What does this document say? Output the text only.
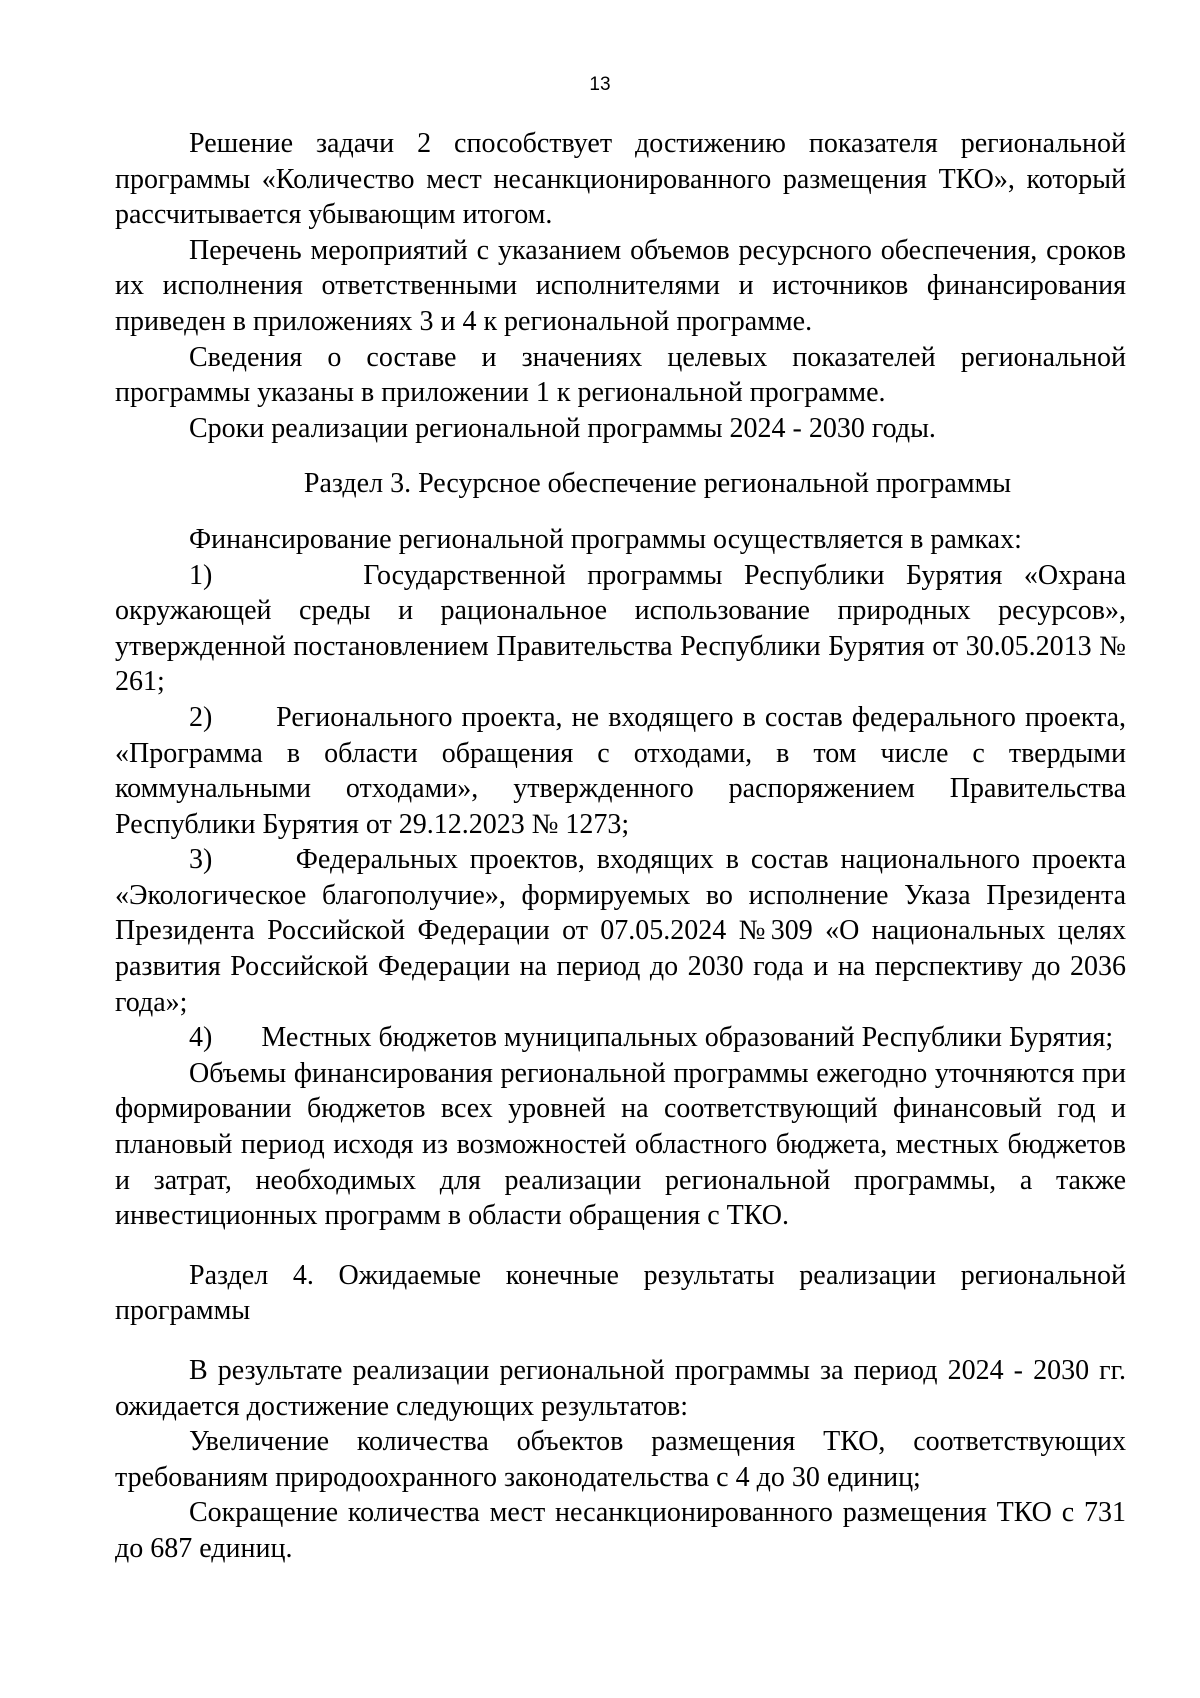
13

Решение задачи 2 способствует достижению показателя региональной программы «Количество мест несанкционированного размещения ТКО», который рассчитывается убывающим итогом.

Перечень мероприятий с указанием объемов ресурсного обеспечения, сроков их исполнения ответственными исполнителями и источников финансирования приведен в приложениях 3 и 4 к региональной программе.

Сведения о составе и значениях целевых показателей региональной программы указаны в приложении 1 к региональной программе.

Сроки реализации региональной программы 2024 - 2030 годы.

Раздел 3. Ресурсное обеспечение региональной программы

Финансирование региональной программы осуществляется в рамках:

1)       Государственной программы Республики Бурятия «Охрана окружающей среды и рациональное использование природных ресурсов», утвержденной постановлением Правительства Республики Бурятия от 30.05.2013 № 261;

2)       Регионального проекта, не входящего в состав федерального проекта, «Программа в области обращения с отходами, в том числе с твердыми коммунальными отходами», утвержденного распоряжением Правительства Республики Бурятия от 29.12.2023 № 1273;

3)       Федеральных проектов, входящих в состав национального проекта «Экологическое благополучие», формируемых во исполнение Указа Президента Президента Российской Федерации от 07.05.2024 №309 «О национальных целях развития Российской Федерации на период до 2030 года и на перспективу до 2036 года»;

4)       Местных бюджетов муниципальных образований Республики Бурятия;

Объемы финансирования региональной программы ежегодно уточняются при формировании бюджетов всех уровней на соответствующий финансовый год и плановый период исходя из возможностей областного бюджета, местных бюджетов и затрат, необходимых для реализации региональной программы, а также инвестиционных программ в области обращения с ТКО.

Раздел 4. Ожидаемые конечные результаты реализации региональной программы

В результате реализации региональной программы за период 2024 - 2030 гг. ожидается достижение следующих результатов:

Увеличение количества объектов размещения ТКО, соответствующих требованиям природоохранного законодательства с 4 до 30 единиц;

Сокращение количества мест несанкционированного размещения ТКО с 731 до 687 единиц.
